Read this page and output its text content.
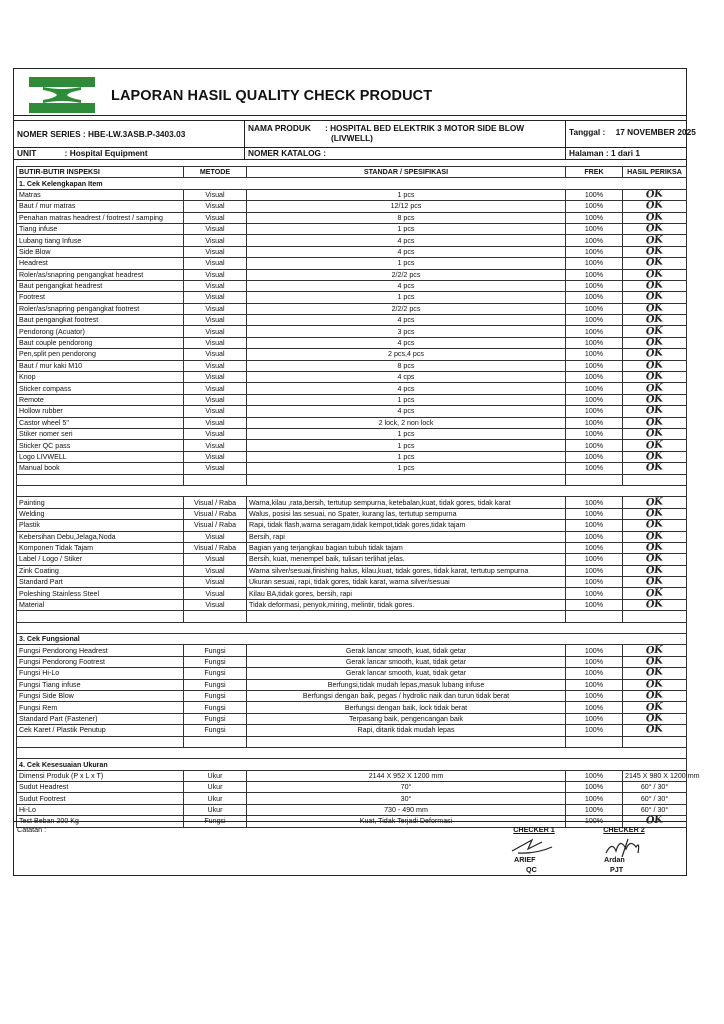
LAPORAN HASIL QUALITY CHECK PRODUCT
NOMER SERIES : HBE-LW.3ASB.P-3403.03
NAMA PRODUK : HOSPITAL BED ELEKTRIK 3 MOTOR SIDE BLOW
(LIVWELL)
Tanggal : 17 NOVEMBER 2025
UNIT	: Hospital Equipment	NOMER KATALOG :	Halaman : 1 dari 1
BUTIR-BUTIR INSPEKSI	METODE	STANDAR / SPESIFIKASI	FREK	HASIL PERIKSA
1. Cek Kelengkapan Item				
Matras	Visual	1 pcs	100%	OK
Baut / mur matras	Visual	12/12 pcs	100%	OK
Penahan matras headrest / footrest / samping	Visual	8 pcs	100%	OK
Tiang infuse	Visual	1 pcs	100%	OK
Lubang tiang Infuse	Visual	4 pcs	100%	OK
Side Blow	Visual	4 pcs	100%	OK
Headrest	Visual	1 pcs	100%	OK
Roler/as/snapring pengangkat headrest	Visual	2/2/2 pcs	100%	OK
Baut pengangkat headrest	Visual	4 pcs	100%	OK
Footrest	Visual	1 pcs	100%	OK
Roler/as/snapring pengangkat footrest	Visual	2/2/2 pcs	100%	OK
Baut pengangkat footrest	Visual	4 pcs	100%	OK
Pendorong (Acuator)	Visual	3 pcs	100%	OK
Baut couple pendorong	Visual	4 pcs	100%	OK
Pen,split pen pendorong	Visual	2 pcs,4 pcs	100%	OK
Baut / mur kaki M10	Visual	8 pcs	100%	OK
Knop	Visual	4 cps	100%	OK
Sticker compass	Visual	4 pcs	100%	OK
Remote	Visual	1 pcs	100%	OK
Hollow rubber	Visual	4 pcs	100%	OK
Castor wheel 5"	Visual	2 lock, 2 non lock	100%	OK
Stiker nomer seri	Visual	1 pcs	100%	OK
Sticker QC pass	Visual	1 pcs	100%	OK
Logo LIVWELL	Visual	1 pcs	100%	OK
Manual book	Visual	1 pcs	100%	OK

Painting	Visual / Raba	Warna,kilau ,rata,bersih, tertutup sempurna, ketebalan,kuat, tidak gores, tidak karat	100%	OK
Welding	Visual / Raba	Walus, posisi las sesuai, no Spater, kurang las, tertutup sempurna	100%	OK
Plastik	Visual / Raba	Rapi, tidak flash,warna seragam,tidak kempot,tidak gores,tidak tajam	100%	OK
Kebersihan Debu,Jelaga,Noda	Visual	Bersih, rapi	100%	OK
Komponen Tidak Tajam	Visual / Raba	Bagian yang terjangkau bagian tubuh tidak tajam	100%	OK
Label / Logo / Stiker	Visual	Bersih, kuat, menempel baik, tulisan terlihat jelas.	100%	OK
Zink Coating	Visual	Warna silver/sesuai,finishing halus, kilau,kuat, tidak gores, tidak karat, tertutup sempurna	100%	OK
Standard Part	Visual	Ukuran sesuai, rapi, tidak gores, tidak karat, warna silver/sesuai	100%	OK
Poleshing Stainless Steel	Visual	Kilau BA,tidak gores, bersih, rapi	100%	OK
Material	Visual	Tidak deformasi, penyok,miring, melintir, tidak gores.	100%	OK

3. Cek Fungsional				
Fungsi Pendorong Headrest	Fungsi	Gerak lancar smooth, kuat, tidak getar	100%	OK
Fungsi Pendorong Footrest	Fungsi	Gerak lancar smooth, kuat, tidak getar	100%	OK
Fungsi Hi-Lo	Fungsi	Gerak lancar smooth, kuat, tidak getar	100%	OK
Fungsi Tiang infuse	Fungsi	Berfungsi,tidak mudah lepas,masuk lubang infuse	100%	OK
Fungsi Side Blow	Fungsi	Berfungsi dengan baik, pegas / hydrolic naik dan turun tidak berat	100%	OK
Fungsi Rem	Fungsi	Berfungsi dengan baik, lock tidak berat	100%	OK
Standard Part (Fastener)	Fungsi	Terpasang baik, pengencangan baik	100%	OK
Cek Karet / Plastik Penutup	Fungsi	Rapi, ditarik tidak mudah lepas	100%	OK

4. Cek Kesesuaian Ukuran				
Dimensi Produk (P x L x T)	Ukur	2144 X 952 X 1200 mm	100%	2145 X 980 X 1200 mm
Sudut Headrest	Ukur	70°	100%	60° / 30°
Sudut Footrest	Ukur	30°	100%	60° / 30°
Hi-Lo	Ukur	730 - 490 mm	100%	60° / 30°
Test Beban 200 Kg	Fungsi	Kuat, Tidak Terjadi Deformasi	100%	OK
Catatan :	CHECKER 1
ARIEF
QC
CHECKER 2
Ardan
PJT
